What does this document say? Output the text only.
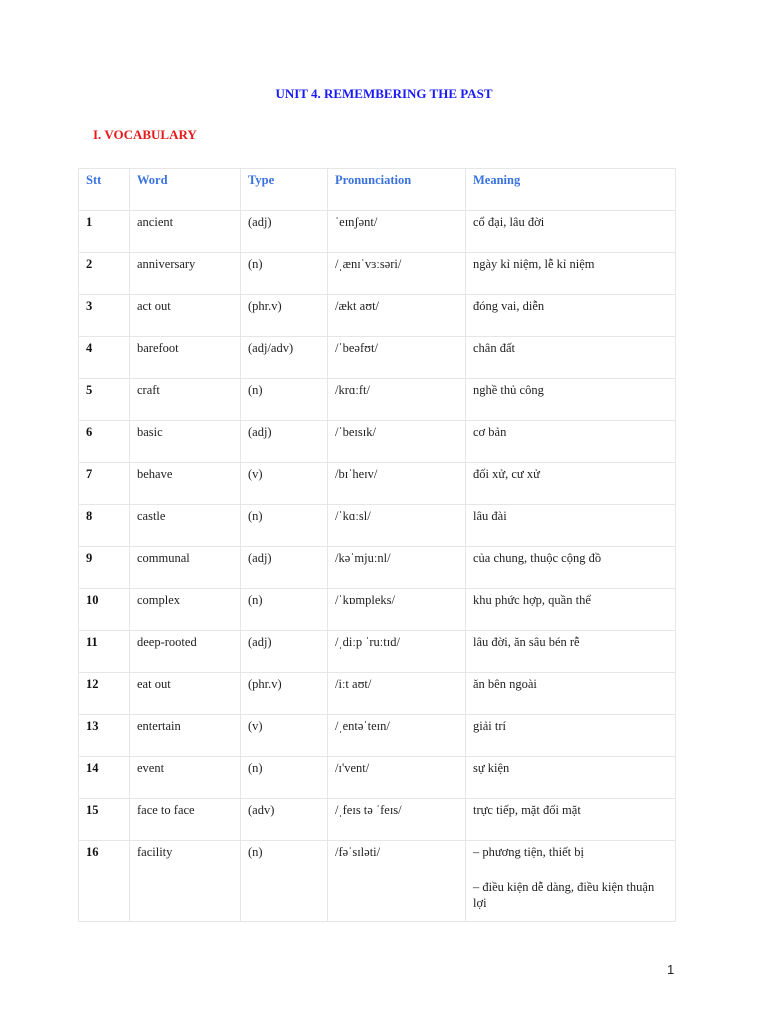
UNIT 4. REMEMBERING THE PAST
I. VOCABULARY
Stt	Word	Type	Pronunciation	Meaning
1	ancient	(adj)	ˈeɪnʃənt/	cổ đại, lâu đời

2	anniversary	(n)	/ˌænɪˈvɜːsəri/	ngày kỉ niệm, lễ kỉ niệm

3	act out	(phr.v)	/ækt aʊt/	đóng vai, diễn

4	barefoot	(adj/adv)	/ˈbeəfʊt/	chân đất

5	craft	(n)	/krɑːft/	nghề thủ công

6	basic	(adj)	/ˈbeɪsɪk/	cơ bản

7	behave	(v)	/bɪˈheɪv/	đối xử, cư xử

8	castle	(n)	/ˈkɑːsl/	lâu đài

9	communal	(adj)	/kəˈmjuːnl/	của chung, thuộc cộng đồ

10	complex	(n)	/ˈkɒmpleks/	khu phức hợp, quần thể

11	deep-rooted	(adj)	/ˌdiːp ˈruːtɪd/	lâu đời, ăn sâu bén rễ

12	eat out	(phr.v)	/iːt aʊt/	ăn bên ngoài

13	entertain	(v)	/ˌentəˈteɪn/	giải trí

14	event	(n)	/ɪ'vent/	sự kiện

15	face to face	(adv)	/ˌfeɪs tə ˈfeɪs/	trực tiếp, mặt đối mặt

16	facility	(n)	/fəˈsɪləti/	– phương tiện, thiết bị
– điều kiện dễ dàng, điều kiện thuận lợi
1
